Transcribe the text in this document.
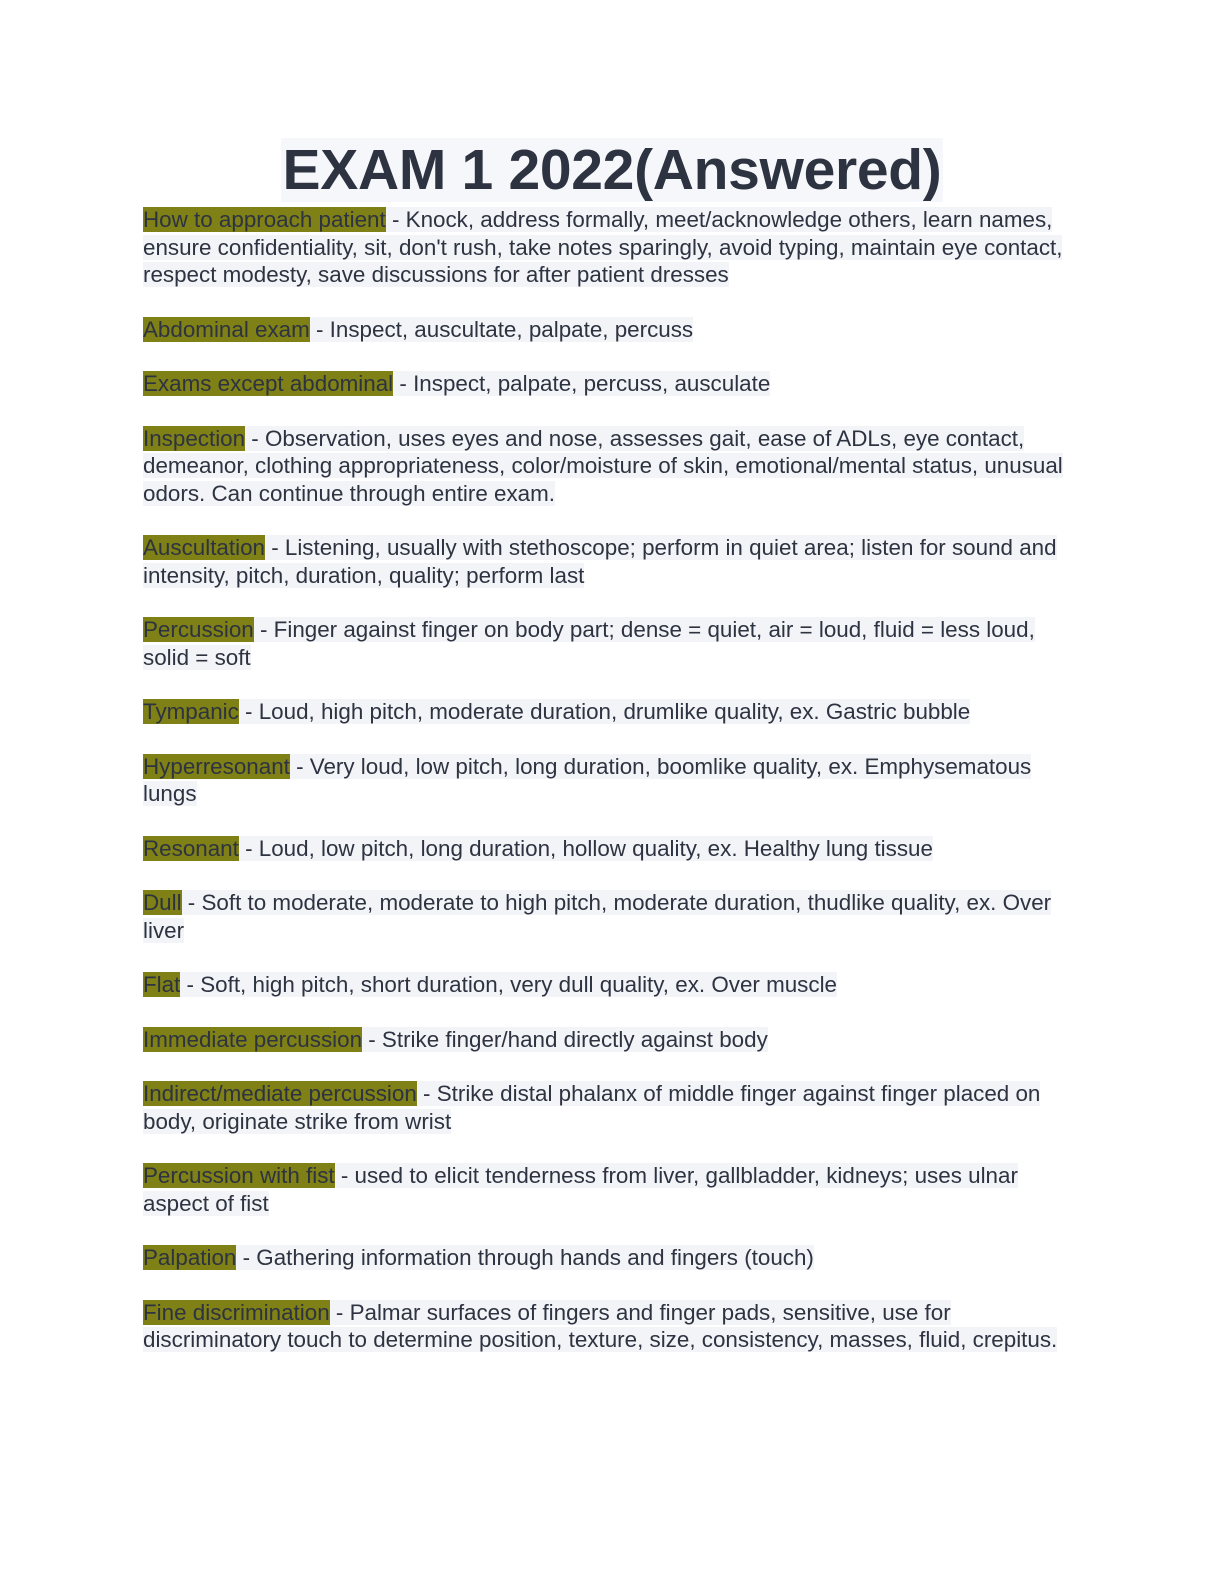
EXAM 1 2022(Answered)

How to approach patient - Knock, address formally, meet/acknowledge others, learn names, ensure confidentiality, sit, don't rush, take notes sparingly, avoid typing, maintain eye contact, respect modesty, save discussions for after patient dresses

Abdominal exam - Inspect, auscultate, palpate, percuss

Exams except abdominal - Inspect, palpate, percuss, ausculate

Inspection - Observation, uses eyes and nose, assesses gait, ease of ADLs, eye contact, demeanor, clothing appropriateness, color/moisture of skin, emotional/mental status, unusual odors. Can continue through entire exam.

Auscultation - Listening, usually with stethoscope; perform in quiet area; listen for sound and intensity, pitch, duration, quality; perform last

Percussion - Finger against finger on body part; dense = quiet, air = loud, fluid = less loud, solid = soft

Tympanic - Loud, high pitch, moderate duration, drumlike quality, ex. Gastric bubble

Hyperresonant - Very loud, low pitch, long duration, boomlike quality, ex. Emphysematous lungs

Resonant - Loud, low pitch, long duration, hollow quality, ex. Healthy lung tissue

Dull - Soft to moderate, moderate to high pitch, moderate duration, thudlike quality, ex. Over liver

Flat - Soft, high pitch, short duration, very dull quality, ex. Over muscle

Immediate percussion - Strike finger/hand directly against body

Indirect/mediate percussion - Strike distal phalanx of middle finger against finger placed on body, originate strike from wrist

Percussion with fist - used to elicit tenderness from liver, gallbladder, kidneys; uses ulnar aspect of fist

Palpation - Gathering information through hands and fingers (touch)

Fine discrimination - Palmar surfaces of fingers and finger pads, sensitive, use for discriminatory touch to determine position, texture, size, consistency, masses, fluid, crepitus.
